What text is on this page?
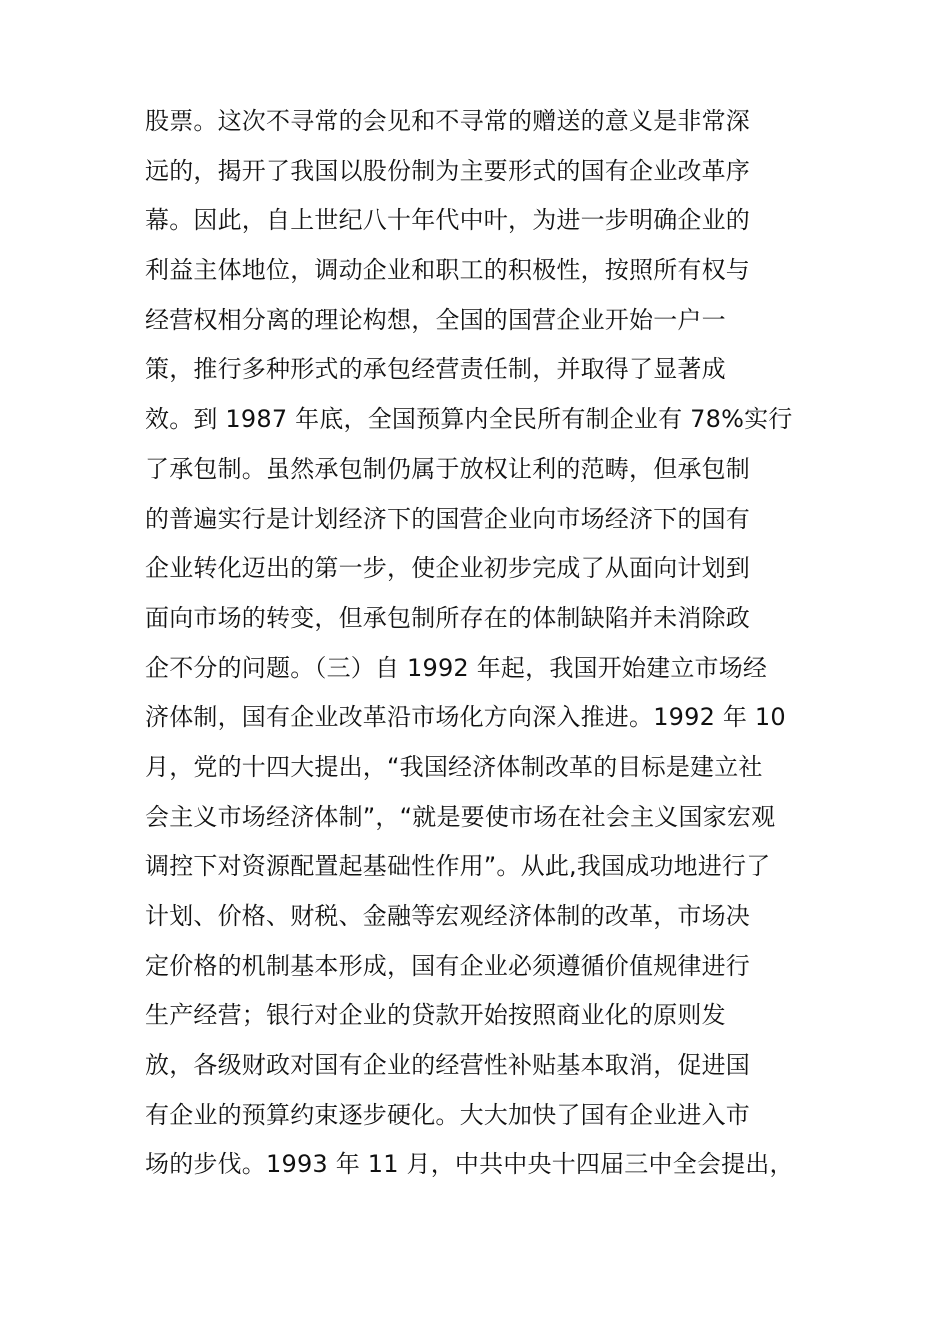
股票。这次不寻常的会见和不寻常的赠送的意义是非常深
远的，揭开了我国以股份制为主要形式的国有企业改革序
幕。因此，自上世纪八十年代中叶，为进一步明确企业的
利益主体地位，调动企业和职工的积极性，按照所有权与
经营权相分离的理论构想，全国的国营企业开始一户一
策，推行多种形式的承包经营责任制，并取得了显著成
效。到 1987 年底，全国预算内全民所有制企业有 78%实行
了承包制。虽然承包制仍属于放权让利的范畴，但承包制
的普遍实行是计划经济下的国营企业向市场经济下的国有
企业转化迈出的第一步，使企业初步完成了从面向计划到
面向市场的转变，但承包制所存在的体制缺陷并未消除政
企不分的问题。（三）自 1992 年起，我国开始建立市场经
济体制，国有企业改革沿市场化方向深入推进。1992 年 10
月，党的十四大提出，“我国经济体制改革的目标是建立社
会主义市场经济体制”，“就是要使市场在社会主义国家宏观
调控下对资源配置起基础性作用”。从此,我国成功地进行了
计划、价格、财税、金融等宏观经济体制的改革，市场决
定价格的机制基本形成，国有企业必须遵循价值规律进行
生产经营；银行对企业的贷款开始按照商业化的原则发
放，各级财政对国有企业的经营性补贴基本取消，促进国
有企业的预算约束逐步硬化。大大加快了国有企业进入市
场的步伐。1993 年 11 月，中共中央十四届三中全会提出，
